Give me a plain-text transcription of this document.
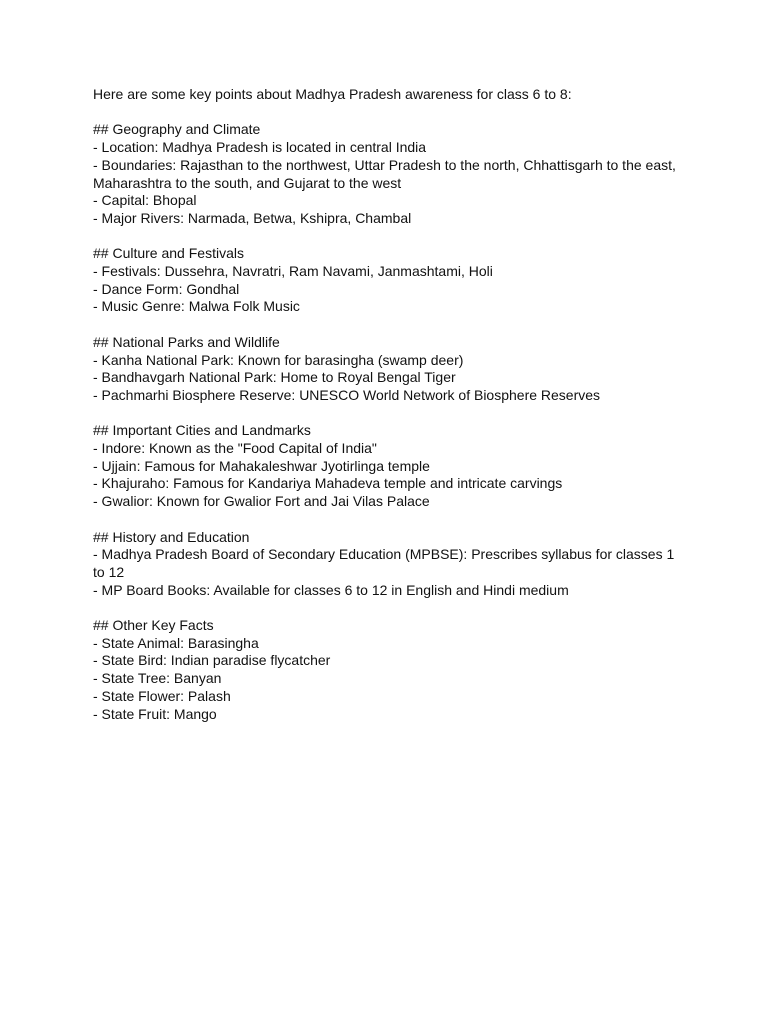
Here are some key points about Madhya Pradesh awareness for class 6 to 8:

## Geography and Climate

- Location: Madhya Pradesh is located in central India

- Boundaries: Rajasthan to the northwest, Uttar Pradesh to the north, Chhattisgarh to the east, Maharashtra to the south, and Gujarat to the west

- Capital: Bhopal

- Major Rivers: Narmada, Betwa, Kshipra, Chambal

## Culture and Festivals

- Festivals: Dussehra, Navratri, Ram Navami, Janmashtami, Holi

- Dance Form: Gondhal

- Music Genre: Malwa Folk Music

## National Parks and Wildlife

- Kanha National Park: Known for barasingha (swamp deer)

- Bandhavgarh National Park: Home to Royal Bengal Tiger

- Pachmarhi Biosphere Reserve: UNESCO World Network of Biosphere Reserves

## Important Cities and Landmarks

- Indore: Known as the "Food Capital of India"

- Ujjain: Famous for Mahakaleshwar Jyotirlinga temple

- Khajuraho: Famous for Kandariya Mahadeva temple and intricate carvings

- Gwalior: Known for Gwalior Fort and Jai Vilas Palace

## History and Education

- Madhya Pradesh Board of Secondary Education (MPBSE): Prescribes syllabus for classes 1 to 12

- MP Board Books: Available for classes 6 to 12 in English and Hindi medium

## Other Key Facts

- State Animal: Barasingha

- State Bird: Indian paradise flycatcher

- State Tree: Banyan

- State Flower: Palash

- State Fruit: Mango
